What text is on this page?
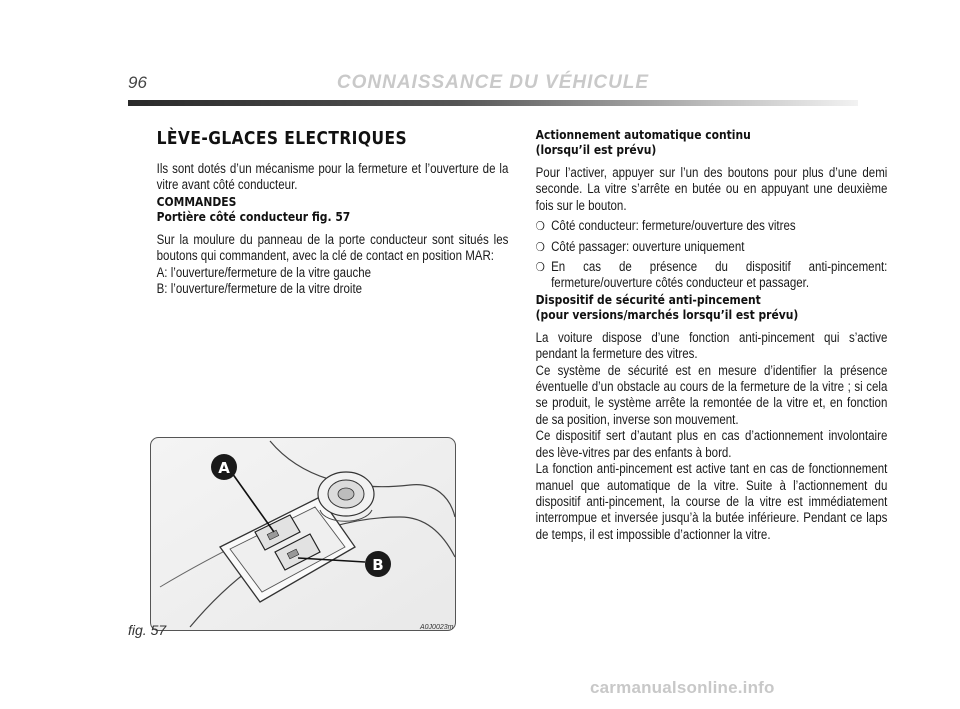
96	CONNAISSANCE DU VÉHICULE
LÈVE-GLACES ELECTRIQUES

Ils sont dotés d’un mécanisme pour la fermeture et l’ouverture de la vitre avant côté conducteur.

COMMANDES
Portière côté conducteur fig. 57

Sur la moulure du panneau de la porte conducteur sont situés les boutons qui commandent, avec la clé de contact en position MAR:

A: l’ouverture/fermeture de la vitre gauche
B: l’ouverture/fermeture de la vitre droite
A
B
fig. 57	A0J0023m
Actionnement automatique continu
(lorsqu’il est prévu)

Pour l’activer, appuyer sur l’un des boutons pour plus d’une demi seconde. La vitre s’arrête en butée ou en appuyant une deuxième fois sur le bouton.

❍ Côté conducteur: fermeture/ouverture des vitres
❍ Côté passager: ouverture uniquement
❍ En cas de présence du dispositif anti-pincement: fermeture/ouverture côtés conducteur et passager.
Dispositif de sécurité anti-pincement
(pour versions/marchés lorsqu’il est prévu)

La voiture dispose d’une fonction anti-pincement qui s’active pendant la fermeture des vitres.

Ce système de sécurité est en mesure d’identifier la présence éventuelle d’un obstacle au cours de la fermeture de la vitre ; si cela se produit, le système arrête la remontée de la vitre et, en fonction de sa position, inverse son mouvement.

Ce dispositif sert d’autant plus en cas d’actionnement involontaire des lève-vitres par des enfants à bord.

La fonction anti-pincement est active tant en cas de fonctionnement manuel que automatique de la vitre. Suite à l’actionnement du dispositif anti-pincement, la course de la vitre est immédiatement interrompue et inversée jusqu’à la butée inférieure. Pendant ce laps de temps, il est impossible d’actionner la vitre.

carmanualsonline.info
